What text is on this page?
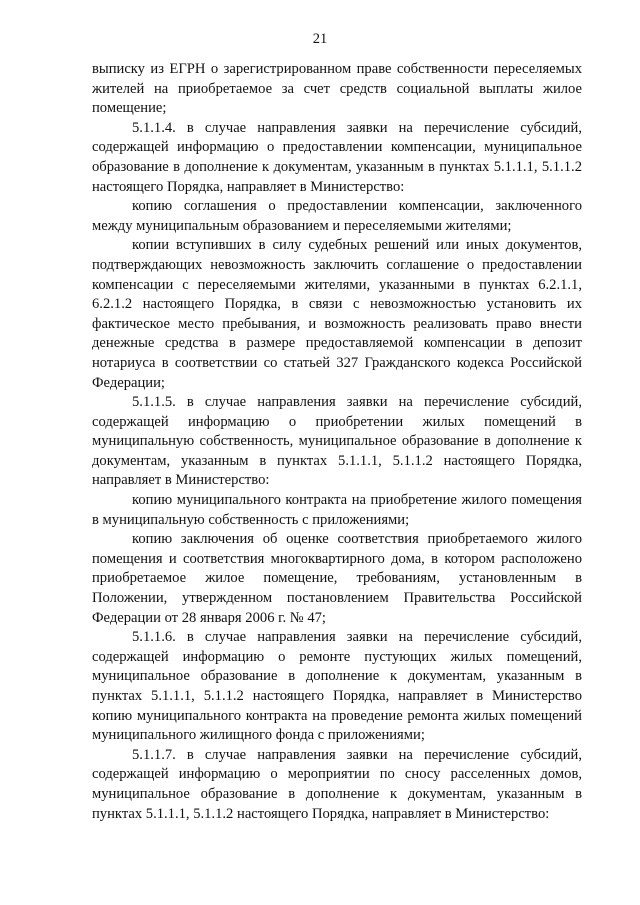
21

выписку из ЕГРН о зарегистрированном праве собственности переселяемых жителей на приобретаемое за счет средств социальной выплаты жилое помещение;

5.1.1.4. в случае направления заявки на перечисление субсидий, содержащей информацию о предоставлении компенсации, муниципальное образование в дополнение к документам, указанным в пунктах 5.1.1.1, 5.1.1.2 настоящего Порядка, направляет в Министерство:

копию соглашения о предоставлении компенсации, заключенного между муниципальным образованием и переселяемыми жителями;

копии вступивших в силу судебных решений или иных документов, подтверждающих невозможность заключить соглашение о предоставлении компенсации с переселяемыми жителями, указанными в пунктах 6.2.1.1, 6.2.1.2 настоящего Порядка, в связи с невозможностью установить их фактическое место пребывания, и возможность реализовать право внести денежные средства в размере предоставляемой компенсации в депозит нотариуса в соответствии со статьей 327 Гражданского кодекса Российской Федерации;

5.1.1.5. в случае направления заявки на перечисление субсидий, содержащей информацию о приобретении жилых помещений в муниципальную собственность, муниципальное образование в дополнение к документам, указанным в пунктах 5.1.1.1, 5.1.1.2 настоящего Порядка, направляет в Министерство:

копию муниципального контракта на приобретение жилого помещения в муниципальную собственность с приложениями;

копию заключения об оценке соответствия приобретаемого жилого помещения и соответствия многоквартирного дома, в котором расположено приобретаемое жилое помещение, требованиям, установленным в Положении, утвержденном постановлением Правительства Российской Федерации от 28 января 2006 г. № 47;

5.1.1.6. в случае направления заявки на перечисление субсидий, содержащей информацию о ремонте пустующих жилых помещений, муниципальное образование в дополнение к документам, указанным в пунктах 5.1.1.1, 5.1.1.2 настоящего Порядка, направляет в Министерство копию муниципального контракта на проведение ремонта жилых помещений муниципального жилищного фонда с приложениями;

5.1.1.7. в случае направления заявки на перечисление субсидий, содержащей информацию о мероприятии по сносу расселенных домов, муниципальное образование в дополнение к документам, указанным в пунктах 5.1.1.1, 5.1.1.2 настоящего Порядка, направляет в Министерство:
